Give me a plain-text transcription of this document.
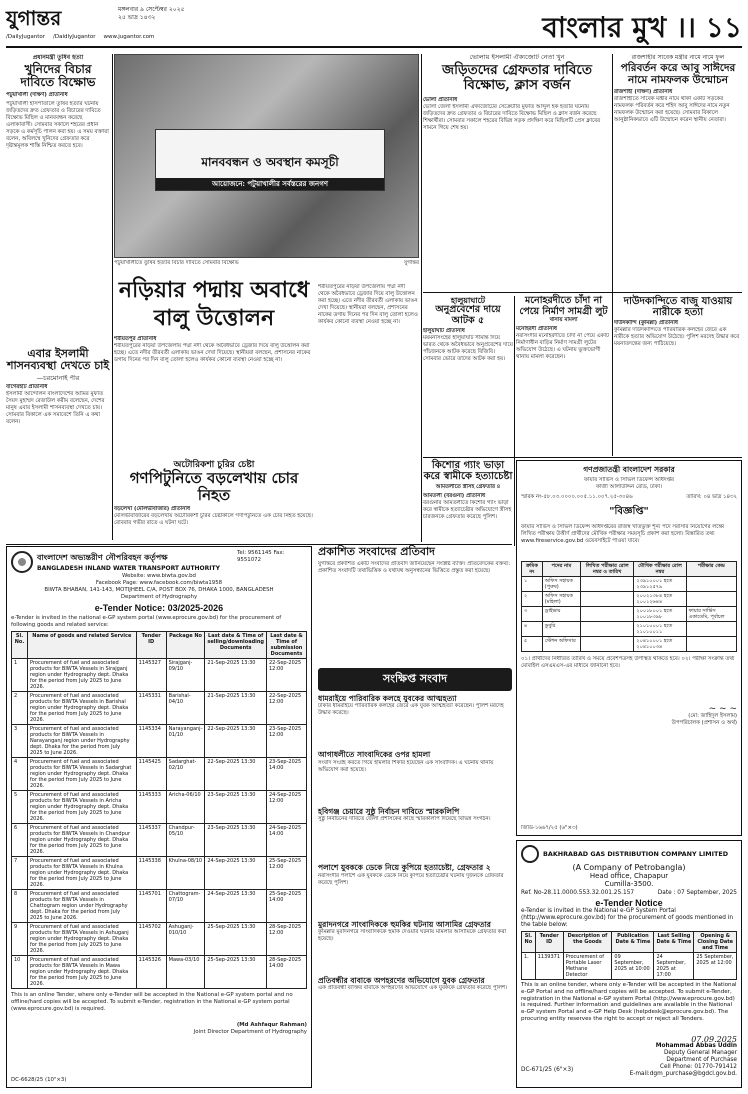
যুগান্তর	মঙ্গলবার ৯ সেপ্টেম্বর ২০২৫
২৫ ভাদ্র ১৪৩২
/DailyJugantor /DaidlyJugantor www.jugantor.com	বাংলার মুখ ।। ১১
প্রধানমন্ত্রী তুষিব হত্যা
খুনিদের বিচার দাবিতে বিক্ষোভ
পটুয়াখালী (দক্ষিণ) প্রতিনিধি
পটুয়াখালী হাসপাতালে তুষিব হত্যার ঘটনায় জড়িতদের দ্রুত গ্রেফতার ও বিচারের দাবিতে বিক্ষোভ মিছিল ও মানববন্ধন করেছে এলাকাবাসী। সোমবার সকালে শহরের প্রধান সড়কে এ কর্মসূচি পালন করা হয়। এ সময় বক্তারা বলেন, অবিলম্বে খুনিদের গ্রেফতার করে দৃষ্টান্তমূলক শাস্তি নিশ্চিত করতে হবে।
মানববন্ধন ও অবস্থান কমসূচী
আয়োজনে: পটুয়াখালীর সর্বস্তরের জনগণ
পটুয়াখালীতে তুষিব হত্যার বিচার দাবিতে সোমবার বিক্ষোভ	যুগান্তর
ভোলায় ইসলামী ঐক্যজোট নেতা খুন
জড়িতদের গ্রেফতার দাবিতে বিক্ষোভ, ক্লাস বর্জন
ভোলা প্রতিনিধি
ভোলা জেলা ইসলামী ঐক্যজোটের সেক্রেটারি মুফতি আব্দুল হক হত্যার ঘটনায় জড়িতদের দ্রুত গ্রেফতার ও বিচারের দাবিতে বিক্ষোভ মিছিল ও ক্লাস বর্জন করেছে শিক্ষার্থীরা। সোমবার সকালে শহরের বিভিন্ন সড়ক প্রদক্ষিণ করে মিছিলটি প্রেস ক্লাবের সামনে গিয়ে শেষ হয়।
রাজশাহীর সাবেক মন্ত্রীর নামে নামে ফুল
পরিবর্তন করে আবু সাঈদের নামে নামফলক উন্মোচন
রাজশাহী (দক্ষিণ) প্রতিনিধি
রাজশাহীতে সাবেক মন্ত্রীর নামে থাকা একটি সড়কের নামফলক পরিবর্তন করে শহিদ আবু সাঈদের নামে নতুন নামফলক উন্মোচন করা হয়েছে। সোমবার বিকালে আনুষ্ঠানিকভাবে এটি উন্মোচন করেন স্থানীয় নেতারা।
দাউদকান্দিতে বাজু যাওয়ায় নারীকে হত্যা
দাউদকান্দি (কুমিল্লা) প্রতিনিধি
কুমিল্লার দাউদকান্দিতে পারিবারিক কলহের জেরে এক নারীকে হত্যার অভিযোগ উঠেছে। পুলিশ মরদেহ উদ্ধার করে ময়নাতদন্তের জন্য পাঠিয়েছে।
এবার ইসলামী শাসনব্যবস্থা দেখতে চাই
—চরমোনাই পীর
বাগেরহাট প্রতিনিধি
ইসলামী আন্দোলন বাংলাদেশের আমির মুফতি সৈয়দ মুহাম্মদ রেজাউল করীম বলেছেন, দেশের মানুষ এবার ইসলামী শাসনব্যবস্থা দেখতে চায়। সোমবার বিকালে এক সমাবেশে তিনি এ কথা বলেন।
নড়িয়ার পদ্মায় অবাধে বালু উত্তোলন
শরীয়তপুর প্রতিনিধি
শরীয়তপুরের নড়িয়া উপজেলায় পদ্মা নদী থেকে অবৈধভাবে ড্রেজার দিয়ে বালু উত্তোলন করা হচ্ছে। এতে নদীর তীরবর্তী এলাকায় ভাঙন দেখা দিয়েছে। স্থানীয়রা বলছেন, প্রশাসনের নাকের ডগায় দিনের পর দিন বালু তোলা হলেও কার্যকর কোনো ব্যবস্থা নেওয়া হচ্ছে না।
শরীয়তপুরের নড়িয়া উপজেলায় পদ্মা নদী থেকে অবৈধভাবে ড্রেজার দিয়ে বালু উত্তোলন করা হচ্ছে। এতে নদীর তীরবর্তী এলাকায় ভাঙন দেখা দিয়েছে। স্থানীয়রা বলছেন, প্রশাসনের নাকের ডগায় দিনের পর দিন বালু তোলা হলেও কার্যকর কোনো ব্যবস্থা নেওয়া হচ্ছে না।
হালুয়াঘাটে
অনুপ্রবেশের দায়ে আটক ৫
হালুয়াঘাট প্রতিনিধি
ময়মনসিংহের হালুয়াঘাট সীমান্ত দিয়ে ভারত থেকে অবৈধভাবে অনুপ্রবেশের দায়ে পাঁচজনকে আটক করেছে বিজিবি। সোমবার ভোরে তাদের আটক করা হয়।
মনোহরদীতে চাঁদা না পেয়ে নির্মাণ সামগ্রী লুট
থানায় মামলা
মনোহরদী প্রতিনিধি
নরসিংদীর মনোহরদীতে চাঁদা না পেয়ে একটি নির্মাণাধীন বাড়ির নির্মাণ সামগ্রী লুটের অভিযোগ উঠেছে। এ ঘটনায় ভুক্তভোগী থানায় মামলা করেছেন।
অটোরিকশা চুরির চেষ্টা
গণপিটুনিতে বড়লেখায় চোর নিহত
বড়লেখা (মৌলভীবাজার) প্রতিনিধি
মৌলভীবাজারের বড়লেখায় অটোরিকশা চুরির চেষ্টাকালে গণপিটুনিতে এক চোর নিহত হয়েছে। রোববার গভীর রাতে এ ঘটনা ঘটে।
কিশোর গ্যাং ভাড়া করে স্বামীকে হত্যাচেষ্টা
আমতলীতে স্ত্রীসহ গ্রেফতার ৪
আমতলী (বরগুনা) প্রতিনিধি
বরগুনার আমতলীতে কিশোর গ্যাং ভাড়া করে স্বামীকে হত্যাচেষ্টার অভিযোগে স্ত্রীসহ চারজনকে গ্রেফতার করেছে পুলিশ।
গণপ্রজাতন্ত্রী বাংলাদেশ সরকার
ফায়ার সার্ভিস ও সিভিল ডিফেন্স অধিদপ্তর
কাজী আলাউদ্দিন রোড, ঢাকা।
স্মারক নং-৫৮.০৩.০০০০.০০৫.১১.০০৭.২৫-৩০৪৬	তারিখ: ০৪ ভাদ্র ১৪৩২
"বিজ্ঞপ্তি"
ফায়ার সার্ভিস ও সিভিল ডিফেন্স অধিদপ্তরের রাজস্ব খাতভুক্ত শূন্য পদে সরাসরি নিয়োগের লক্ষ্যে লিখিত পরীক্ষায় উত্তীর্ণ প্রার্থীদের মৌখিক পরীক্ষার সময়সূচি প্রকাশ করা হলো। বিস্তারিত তথ্য www.fireservice.gov.bd ওয়েবসাইটে পাওয়া যাবে।
ক্রমিক নং	পদের নাম	লিখিত পরীক্ষার রোল নম্বর ও তারিখ	মৌখিক পরীক্ষার রোল নম্বর	পরীক্ষার কেন্দ্র
১	অফিস সহায়ক (পুরুষ)		২৩৯১০০০১ হতে ২৩৯১২৫৭৯	
২	অফিস সহায়ক (মহিলা)		২০০২১৩৮৪ হতে ২০০১২৬৪৪	
৩	ড্রাইভার		২০০১৮০০১ হতে ২০০১৮৩৯৮	ফায়ার সার্ভিস একাডেমি, পূর্বাচল
৪	ডুবুরি		২১০১০০০১ হতে ২১০১০০১১	
৫	স্টেশন অফিসার		২০৪১০০০১ হতে ২০৪১০০৩৪	
০১। প্রার্থীদের নির্ধারিত তারিখ ও সময়ে প্রবেশপত্রসহ উপস্থিত থাকতে হবে। ০২। পরীক্ষা সংক্রান্ত তথ্য মোবাইল এসএমএস-এর মাধ্যমে জানানো হবে।
~ ~ ~
(মো: জাহিদুল ইসলাম)
উপপরিচালক (প্রশাসন ও অর্থ)
জিডি-১৬৬৭/২৫ (৬"×৩)
Tel: 9561145 Fax: 9551072
বাংলাদেশ অভ্যন্তরীণ নৌপরিবহন কর্তৃপক্ষ
BANGLADESH INLAND WATER TRANSPORT AUTHORITY
Website: www.biwta.gov.bd
Facebook Page: www.facebook.com/biwta1958
BIWTA BHABAN, 141-143, MOTIJHEEL C/A, POST BOX 76, DHAKA 1000, BANGLADESH
Department of Hydrography
e-Tender Notice: 03/2025-2026
e-Tender is invited in the national e-GP system portal (www.eprocure.gov.bd) for the procurement of following goods and related service:
Sl. No.	Name of goods and related Service	Tender ID	Package No	Last date & Time of selling/downloading Documents	Last date & Time of submission Documents
1	Procurement of fuel and associated products for BIWTA Vessels in Sirajganj region under Hydrography dept. Dhaka for the period from July 2025 to June 2026.	1145327	Sirajganj-09/10	21-Sep-2025 13:30	22-Sep-2025 12:00
2	Procurement of fuel and associated products for BIWTA Vessels in Barishal region under Hydrography dept. Dhaka for the period from July 2025 to June 2026.	1145331	Barishal-04/10	21-Sep-2025 13:30	22-Sep-2025 12:00
3	Procurement of fuel and associated products for BIWTA Vessels in Narayanganj region under Hydrography dept. Dhaka for the period from July 2025 to June 2026.	1145334	Narayanganj-01/10	22-Sep-2025 13:30	23-Sep-2025 12:00
4	Procurement of fuel and associated products for BIWTA Vessels in Sadarghat region under Hydrography dept. Dhaka for the period from July 2025 to June 2026.	1145425	Sadarghat-02/10	22-Sep-2025 13:30	23-Sep-2025 14:00
5	Procurement of fuel and associated products for BIWTA Vessels in Aricha region under Hydrography dept. Dhaka for the period from July 2025 to June 2026.	1145333	Aricha-06/10	23-Sep-2025 13:30	24-Sep-2025 12:00
6	Procurement of fuel and associated products for BIWTA Vessels in Chandpur region under Hydrography dept. Dhaka for the period from July 2025 to June 2026.	1145337	Chandpur-05/10	23-Sep-2025 13:30	24-Sep-2025 14:00
7	Procurement of fuel and associated products for BIWTA Vessels in Khulna region under Hydrography dept. Dhaka for the period from July 2025 to June 2026.	1145338	Khulna-08/10	24-Sep-2025 13:30	25-Sep-2025 12:00
8	Procurement of fuel and associated products for BIWTA Vessels in Chattogram region under Hydrography dept. Dhaka for the period from July 2025 to June 2026.	1145701	Chattogram-07/10	24-Sep-2025 13:30	25-Sep-2025 14:00
9	Procurement of fuel and associated products for BIWTA Vessels in Ashuganj region under Hydrography dept. Dhaka for the period from July 2025 to June 2026.	1145702	Ashuganj-010/10	25-Sep-2025 13:30	28-Sep-2025 12:00
10	Procurement of fuel and associated products for BIWTA Vessels in Mawa region under Hydrography dept. Dhaka for the period from July 2025 to June 2026.	1145326	Mawa-03/10	25-Sep-2025 13:30	28-Sep-2025 14:00
This is an online Tender, where only e-Tender will be accepted in the National e-GP system portal and no offline/hard copies will be accepted. To submit e-Tender, registration in the National e-GP system portal (www.eprocure.gov.bd) is required.
(Md Ashfaqur Rahman)
Joint Director Department of Hydrography
DC-6628/25 (10"×3)
প্রকাশিত সংবাদের প্রতিবাদ
যুগান্তরে প্রকাশিত একটি সংবাদের প্রতিবাদ জানিয়েছেন সংশ্লিষ্ট ব্যক্তি। প্রতিবেদকের বক্তব্য: প্রকাশিত সংবাদটি তথ্যভিত্তিক ও যথাযথ অনুসন্ধানের ভিত্তিতে প্রস্তুত করা হয়েছে।
সংক্ষিপ্ত সংবাদ
ধামরাইয়ে পারিবারিক কলহে যুবকের আত্মহত্যা
ঢাকার ধামরাইয়ে পারিবারিক কলহের জেরে এক যুবক আত্মহত্যা করেছেন। পুলিশ মরদেহ উদ্ধার করেছে।
আগাধলীতে সাংবাদিকের ওপর হামলা
সংবাদ সংগ্রহ করতে গিয়ে হামলার শিকার হয়েছেন এক সাংবাদিক। এ ঘটনায় থানায় অভিযোগ করা হয়েছে।
হবিগঞ্জ চেয়ারে সুষ্ঠু নির্বাচন দাবিতে স্মারকলিপি
সুষ্ঠু নির্বাচনের দাবিতে জেলা প্রশাসকের কাছে স্মারকলিপি দিয়েছে বিভিন্ন সংগঠন।
পলাশে যুবককে ডেকে নিয়ে কুপিয়ে হত্যাচেষ্টা, গ্রেফতার ২
নরসিংদীর পলাশে এক যুবককে ডেকে নিয়ে কুপিয়ে হত্যাচেষ্টার ঘটনায় দুজনকে গ্রেফতার করেছে পুলিশ।
মুরাদনগরে সাংবাদিককে হুমকির ঘটনায় আসামির গ্রেফতার
কুমিল্লার মুরাদনগরে সাংবাদিককে হুমকি দেওয়ার ঘটনায় মামলার আসামিকে গ্রেফতার করা হয়েছে।
প্রতিবন্ধীর বাবাকে অপহরণের অভিযোগে যুবক গ্রেফতার
এক প্রতিবন্ধী ব্যক্তির বাবাকে অপহরণের অভিযোগে এক যুবককে গ্রেফতার করেছে পুলিশ।
BAKHRABAD GAS DISTRIBUTION COMPANY LIMITED
(A Company of Petrobangla)
Head office, Chapapur
Cumilla-3500.
Ref. No-28.11.0000.553.32.001.25.157	Date : 07 September, 2025
e-Tender Notice
e-Tender is invited in the National e-GP System Portal (http://www.eprocure.gov.bd) for the procurement of goods mentioned in the table below:
Sl. No	Tender ID	Description of the Goods	Publication Date & Time	Last Selling Date & Time	Opening & Closing Date and Time
1.	1139371	Procurement of Portable Laser Methane Detector	09 September, 2025 at 10:00	24 September, 2025 at 17:00	25 September, 2025 at 12:00
This is an online tender, where only e-Tender will be accepted in the National e-GP Portal and no offline/hard copies will be accepted. To submit e-Tender, registration in the National e-GP system Portal (http://www.eprocure.gov.bd) is required. Further information and guidelines are available in the National e-GP system Portal and e-GP Help Desk (helpdesk@eprocure.gov.bd). The procuring entity reserves the right to accept or reject all Tenders.
07.09.2025
Mohammad Abbas Uddin
Deputy General Manager
Department of Purchase
Cell Phone: 01770-791412
E-mail:dgm_purchase@bgdcl.gov.bd.
DC-671/25 (6"×3)
